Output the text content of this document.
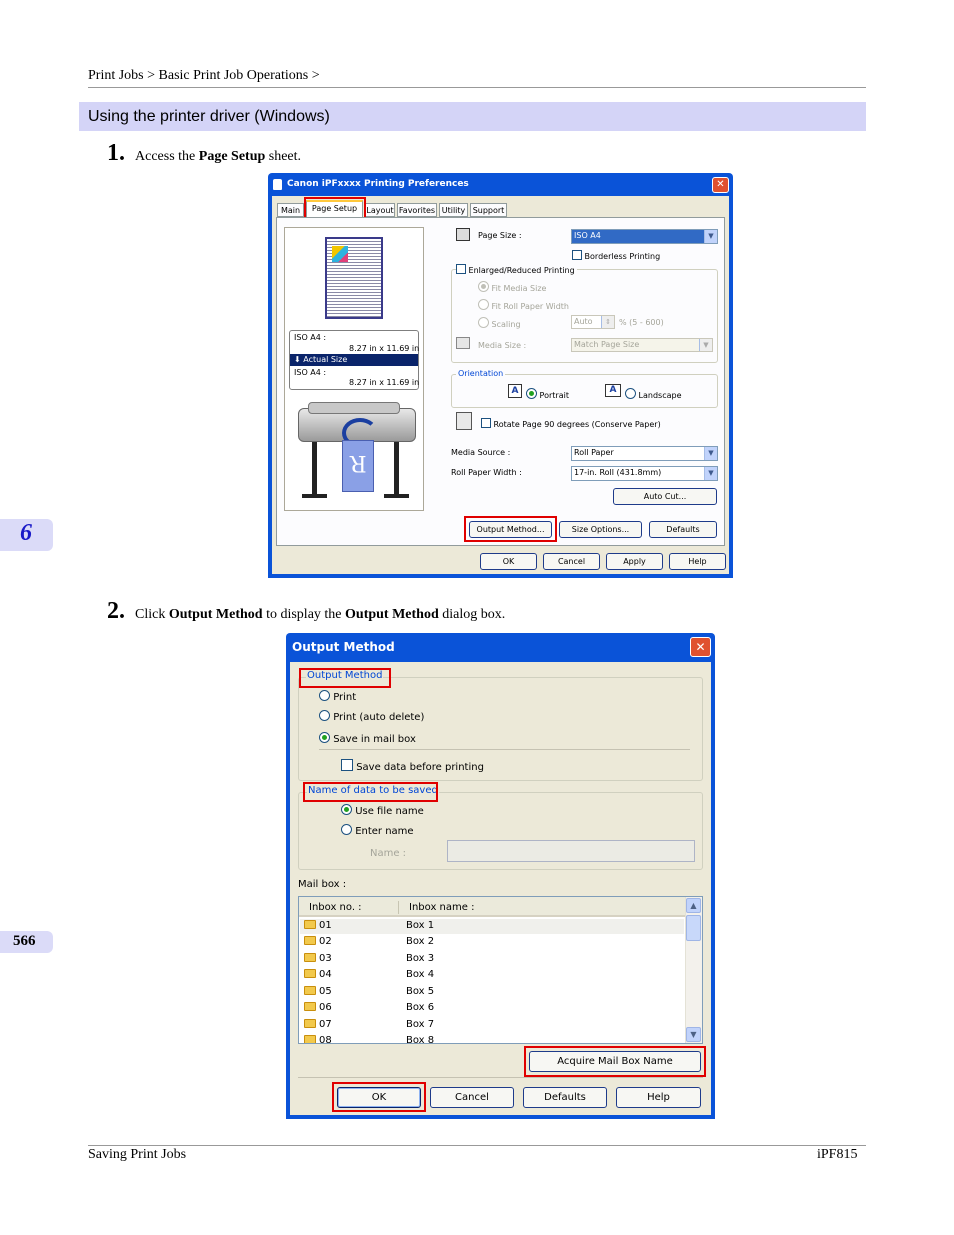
Print Jobs > Basic Print Job Operations >
Using the printer driver (Windows)
1. Access the Page Setup sheet.
6
566
Canon iPFxxxx Printing Preferences	✕
Main	Page Setup	Layout Favorites Utility Support
ISO A4 :
8.27 in x 11.69 in
⬇ Actual Size
ISO A4 :
8.27 in x 11.69 in
R
Page Size :	ISO A4	▼
Borderless Printing
Enlarged/Reduced Printing
Fit Media Size
Fit Roll Paper Width
Scaling	Auto	⇕	% (5 - 600)
Media Size :	Match Page Size	▼
Orientation
A	Portrait
A
Landscape
Rotate Page 90 degrees (Conserve Paper)
Media Source :	Roll Paper	▼
Roll Paper Width :	17-in. Roll (431.8mm)	▼
Auto Cut...
Output Method...	Size Options...	Defaults
OK	Cancel	Apply	Help
2. Click Output Method to display the Output Method dialog box.
Output Method	✕
Output Method
Print
Print (auto delete)
Save in mail box
Save data before printing
Name of data to be saved
Use file name
Enter name
Name :
Mail box :
Inbox no. :	Inbox name :	▲
▼
01	Box 1
02	Box 2
03	Box 3
04	Box 4
05	Box 5
06	Box 6
07	Box 7
08	Box 8
Acquire Mail Box Name
OK	Cancel	Defaults	Help
Saving Print Jobs	iPF815
